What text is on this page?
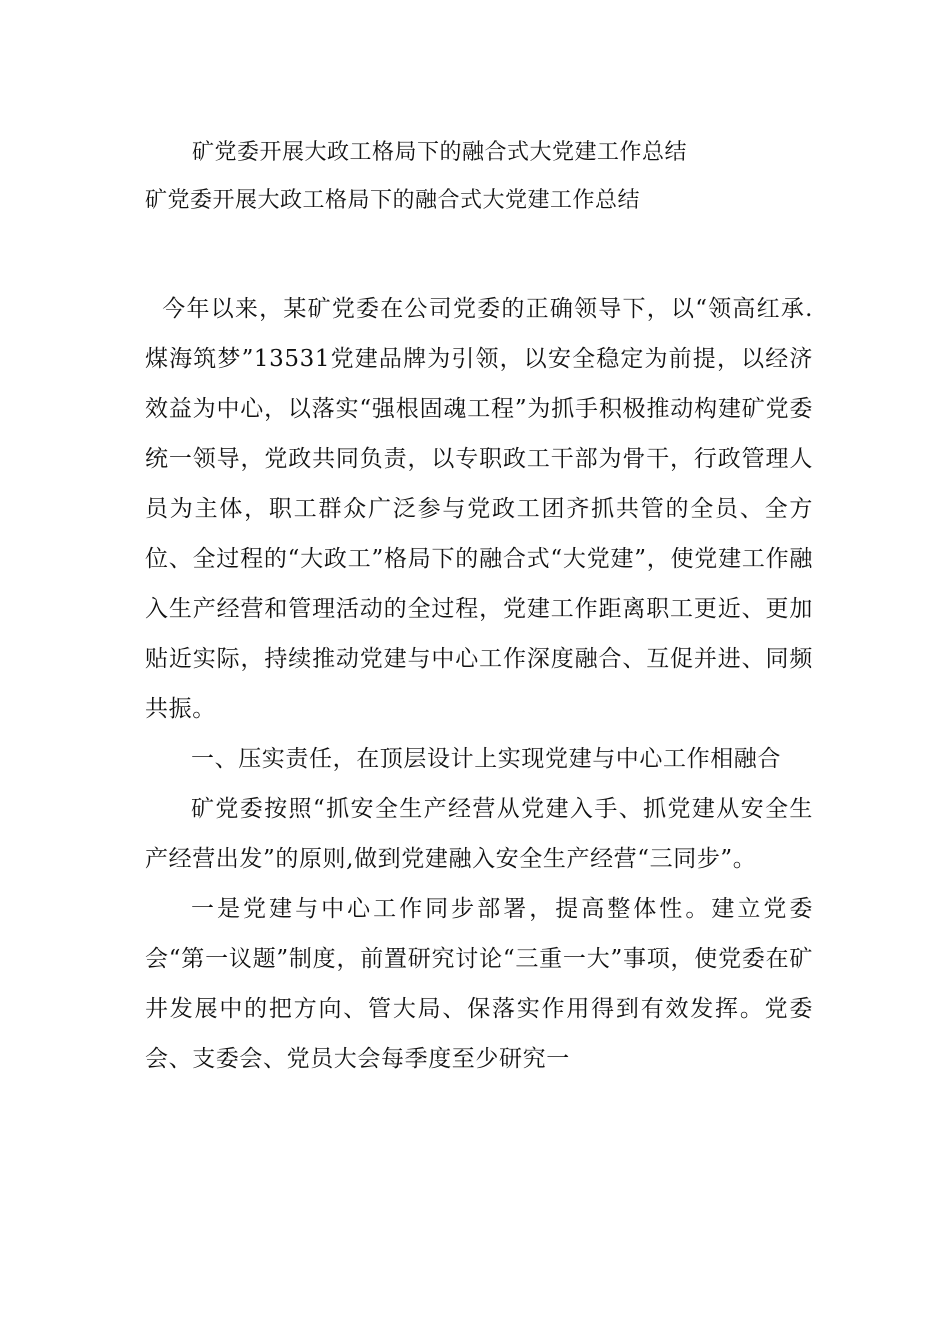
矿党委开展大政工格局下的融合式大党建工作总结
矿党委开展大政工格局下的融合式大党建工作总结

今年以来，某矿党委在公司党委的正确领导下，以“领高红承.煤海筑梦”13531党建品牌为引领，以安全稳定为前提，以经济效益为中心，以落实“强根固魂工程”为抓手积极推动构建矿党委统一领导，党政共同负责，以专职政工干部为骨干，行政管理人员为主体，职工群众广泛参与党政工团齐抓共管的全员、全方位、全过程的“大政工”格局下的融合式“大党建”，使党建工作融入生产经营和管理活动的全过程，党建工作距离职工更近、更加贴近实际，持续推动党建与中心工作深度融合、互促并进、同频共振。

一、压实责任，在顶层设计上实现党建与中心工作相融合

矿党委按照“抓安全生产经营从党建入手、抓党建从安全生产经营出发”的原则,做到党建融入安全生产经营“三同步”。

一是党建与中心工作同步部署，提高整体性。建立党委会“第一议题”制度，前置研究讨论“三重一大”事项，使党委在矿井发展中的把方向、管大局、保落实作用得到有效发挥。党委会、支委会、党员大会每季度至少研究一
